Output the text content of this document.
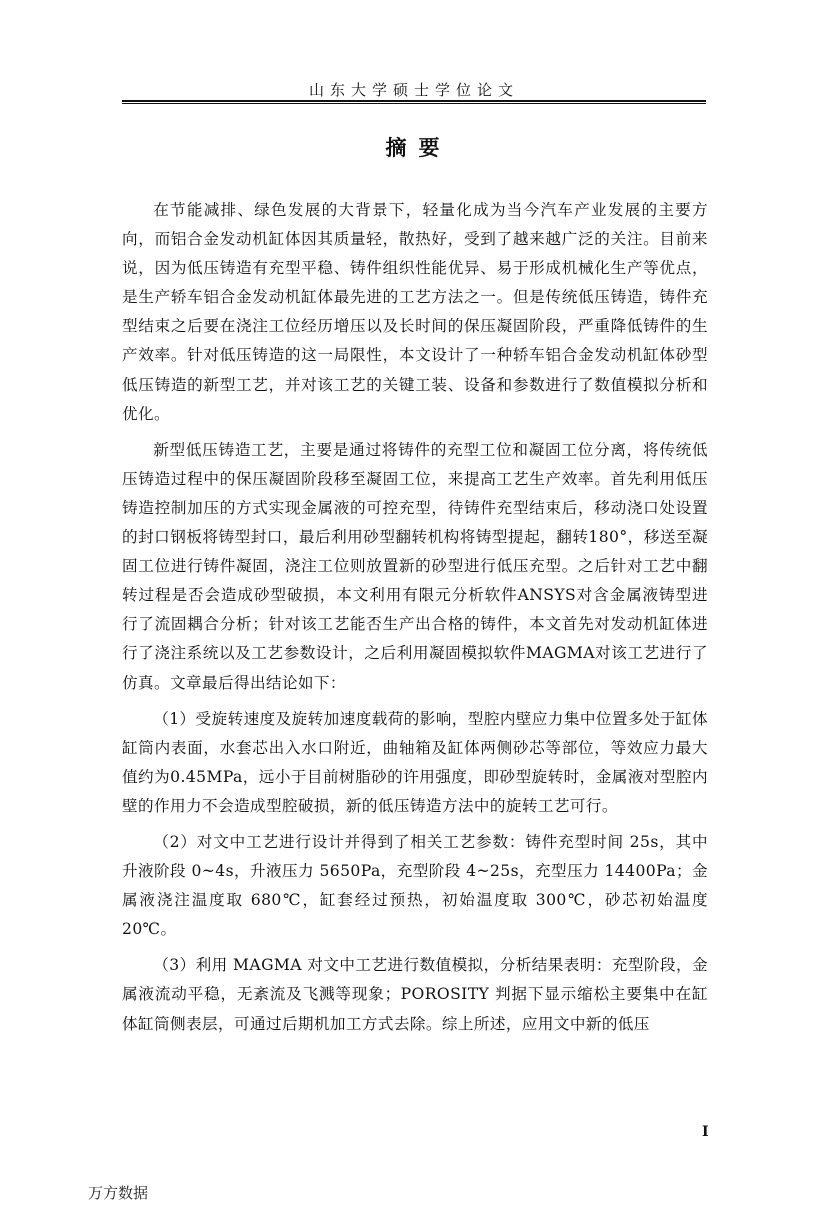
山东大学硕士学位论文
摘要

在节能减排、绿色发展的大背景下，轻量化成为当今汽车产业发展的主要方向，而铝合金发动机缸体因其质量轻，散热好，受到了越来越广泛的关注。目前来说，因为低压铸造有充型平稳、铸件组织性能优异、易于形成机械化生产等优点，是生产轿车铝合金发动机缸体最先进的工艺方法之一。但是传统低压铸造，铸件充型结束之后要在浇注工位经历增压以及长时间的保压凝固阶段，严重降低铸件的生产效率。针对低压铸造的这一局限性，本文设计了一种轿车铝合金发动机缸体砂型低压铸造的新型工艺，并对该工艺的关键工装、设备和参数进行了数值模拟分析和优化。

新型低压铸造工艺，主要是通过将铸件的充型工位和凝固工位分离，将传统低压铸造过程中的保压凝固阶段移至凝固工位，来提高工艺生产效率。首先利用低压铸造控制加压的方式实现金属液的可控充型，待铸件充型结束后，移动浇口处设置的封口钢板将铸型封口，最后利用砂型翻转机构将铸型提起，翻转180°，移送至凝固工位进行铸件凝固，浇注工位则放置新的砂型进行低压充型。之后针对工艺中翻转过程是否会造成砂型破损，本文利用有限元分析软件ANSYS对含金属液铸型进行了流固耦合分析；针对该工艺能否生产出合格的铸件，本文首先对发动机缸体进行了浇注系统以及工艺参数设计，之后利用凝固模拟软件MAGMA对该工艺进行了仿真。文章最后得出结论如下：

（1）受旋转速度及旋转加速度载荷的影响，型腔内壁应力集中位置多处于缸体缸筒内表面，水套芯出入水口附近，曲轴箱及缸体两侧砂芯等部位，等效应力最大值约为0.45MPa，远小于目前树脂砂的许用强度，即砂型旋转时，金属液对型腔内壁的作用力不会造成型腔破损，新的低压铸造方法中的旋转工艺可行。

（2）对文中工艺进行设计并得到了相关工艺参数：铸件充型时间 25s，其中升液阶段 0~4s，升液压力 5650Pa，充型阶段 4~25s，充型压力 14400Pa；金属液浇注温度取 680℃，缸套经过预热，初始温度取 300℃，砂芯初始温度 20℃。

（3）利用 MAGMA 对文中工艺进行数值模拟，分析结果表明：充型阶段，金属液流动平稳，无紊流及飞溅等现象；POROSITY 判据下显示缩松主要集中在缸体缸筒侧表层，可通过后期机加工方式去除。综上所述，应用文中新的低压

I
万方数据
